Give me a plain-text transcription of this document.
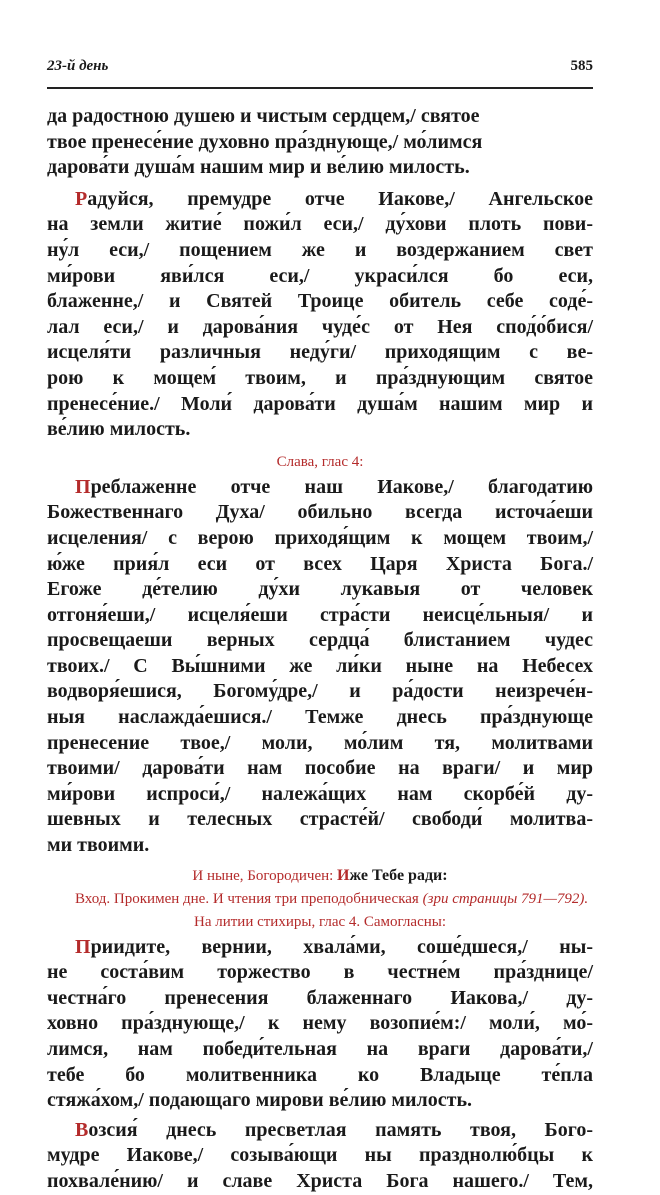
23-й день	585

да радостною душею и чистым сердцем,/ святое
твое пренесе́ние духовно пра́зднующе,/ мо́лимся
дарова́ти душа́м нашим мир и ве́лию милость.

Радуйся, премудре отче Иакове,/ Ангельское
на земли житие́ пожи́л еси,/ ду́хови плоть пови-
ну́л еси,/ пощением же и воздержанием свет
ми́рови яви́лся еси,/ украси́лся бо еси,
блаженне,/ и Святей Троице обитель себе соде́-
лал еси,/ и дарова́ния чуде́с от Нея спод́о́бися/
исцеля́ти различныя неду́ги/ приходящим с ве-
рою к мощем́ твоим, и пра́зднующим святое
пренесе́ние./ Моли́ дарова́ти душа́м нашим мир и
ве́лию милость.

Слава, глас 4:

Преблаженне отче наш Иакове,/ благодатию
Божественнаго Духа/ обильно всегда источа́еши
исцеления/ с верою приходя́щим к мощем твоим,/
ю́же прия́л еси от всех Царя Христа Бога./
Егоже де́телию ду́хи лукавыя от человек
отгоня́еши,/ исцеля́еши стра́сти неисце́льныя/ и
просвещаеши верных сердца́ блистанием чудес
твоих./ С Вы́шними же ли́ки ныне на Небесех
водворя́ешися, Богому́дре,/ и ра́дости неизрече́н-
ныя наслажда́ешися./ Темже днесь пра́зднующе
пренесение твое,/ моли, мо́лим тя, молитвами
твоими/ дарова́ти нам пособие на враги/ и мир
ми́рови испроси́,/ належа́щих нам скорбе́й ду-
шевных и телесных страсте́й/ свободи́ молитва-
ми твоими.

И ныне, Богородичен: Иже Тебе ради:
Вход. Прокимен дне. И чтения три преподобническая (зри страницы 791—792).
На литии стихиры, глас 4. Самогласны:

Приидите, вернии, хвала́ми, соше́дшеся,/ ны-
не соста́вим торжество в честне́м пра́зднице/
честна́го пренесения блаженнаго Иакова,/ ду-
ховно пра́зднующе,/ к нему возопие́м:/ моли́, мо́-
лимся, нам победи́тельная на враги дарова́ти,/
тебе бо молитвенника ко Владыце те́пла
стяжа́хом,/ подающаго мирови ве́лию милость.

Возсия́ днесь пресветлая память твоя, Бого-
мудре Иакове,/ созыва́ющи ны празднолю́бцы к
похвале́нию/ и славе Христа Бога нашего./ Тем,
